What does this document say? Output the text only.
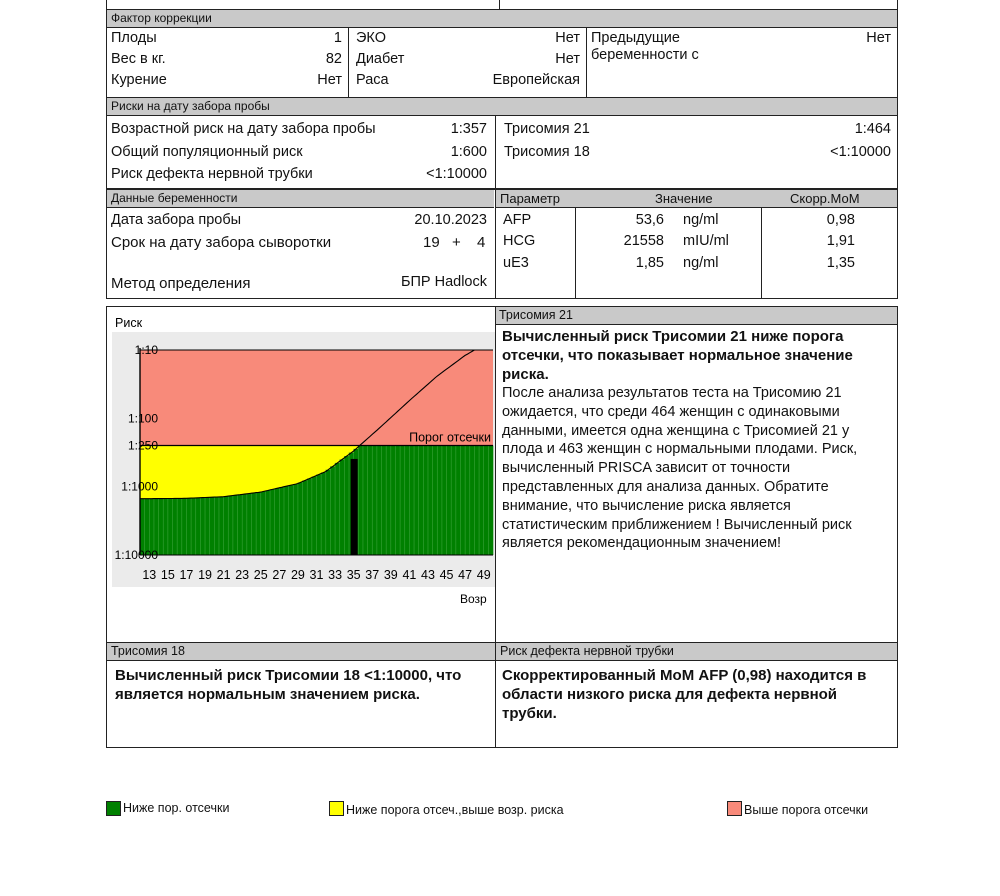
Фактор коррекции
Плоды	1
Вес в кг.	82
Курение	Нет
ЭКО	Нет
Диабет	Нет
Раса	Европейская
Предыдущие
беременности с
Нет
Риски на дату забора пробы
Возрастной риск на дату забора пробы	1:357
Общий популяционный риск	1:600
Риск дефекта нервной трубки	<1:10000
Трисомия 21	1:464
Трисомия 18	<1:10000
Данные беременности	Параметр	Значение	Скорр.МоМ
Дата забора пробы	20.10.2023
Срок на дату забора сыворотки	19 + 4
Метод определения	БПР Hadlock
AFP	53,6 ng/ml	0,98
HCG	21558 mIU/ml	1,91
uE3	1,85 ng/ml	1,35
Трисомия 21
Вычисленный риск Трисомии 21 ниже порога отсечки, что показывает нормальное значение риска.
После анализа результатов теста на Трисомию 21 ожидается, что среди 464 женщин с одинаковыми данными, имеется одна женщина с Трисомией 21 у плода и 463 женщин с нормальными плодами. Риск, вычисленный PRISCA зависит от точности представленных для анализа данных. Обратите внимание, что вычисление риска является статистическим приближением ! Вычисленный риск является рекомендационным значением!
Риск
Порог отсечки
1:10
1:100
1:250
1:1000
1:10000
13 15 17 19 21 23 25 27 29 31 33 35 37 39 41 43 45 47 49
Возр
Трисомия 18	Риск дефекта нервной трубки
Вычисленный риск Трисомии 18 <1:10000, что является нормальным значением риска.
Скорректированный МоМ AFP (0,98) находится в области низкого риска для дефекта нервной трубки.
Ниже пор. отсечки	Ниже порога отсеч.,выше возр. риска	Выше порога отсечки
